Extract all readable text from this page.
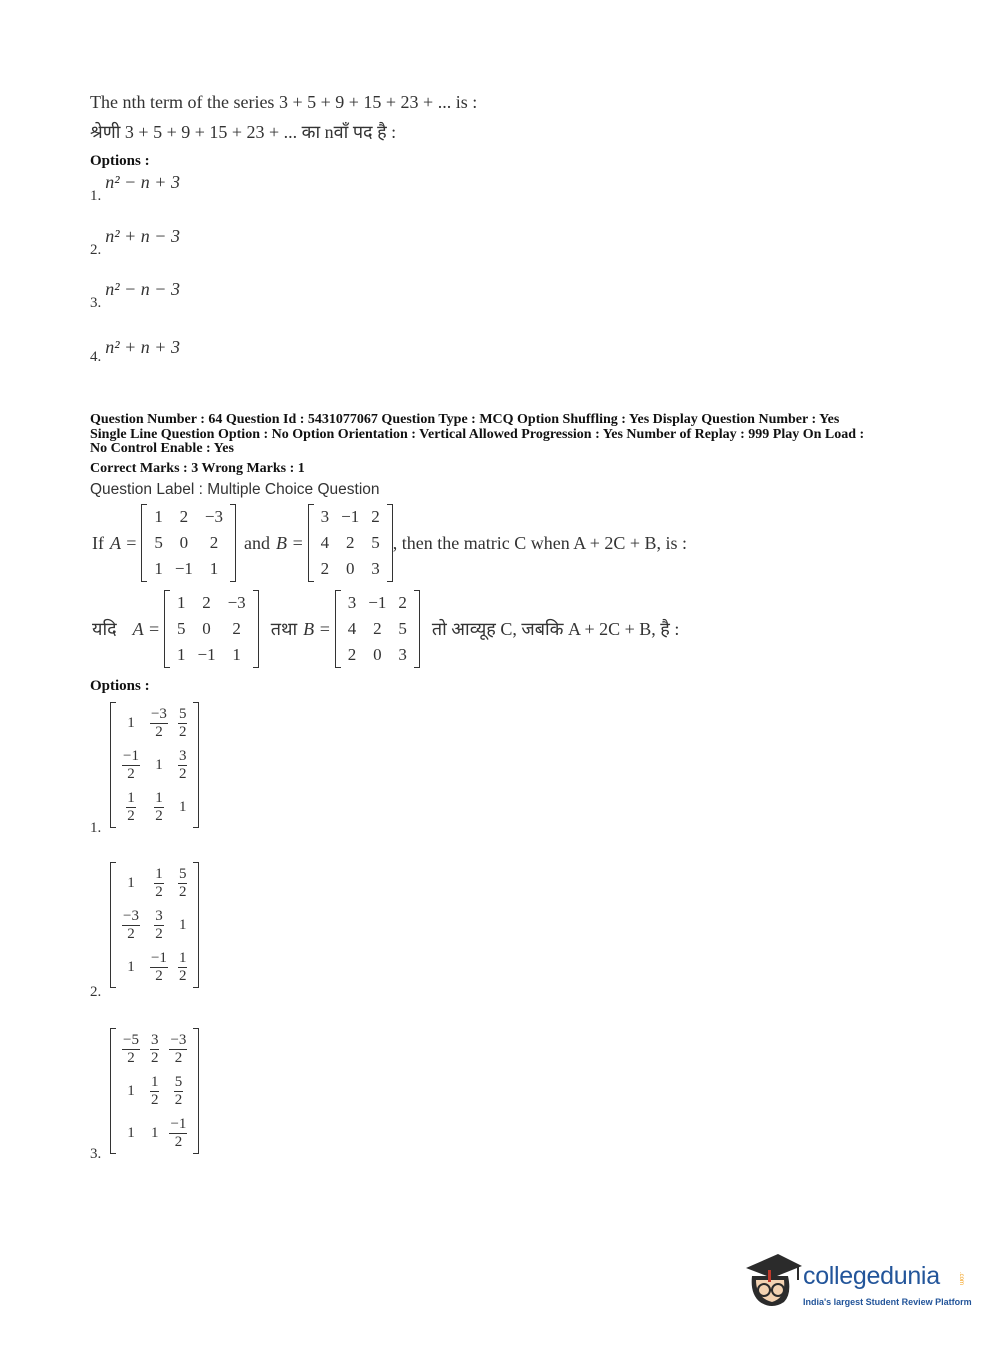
The nth term of the series 3 + 5 + 9 + 15 + 23 + ... is :
श्रेणी 3 + 5 + 9 + 15 + 23 + ... का nवाँ पद है :
Options :
1. n² − n + 3
2. n² + n − 3
3. n² − n − 3
4. n² + n + 3
Question Number : 64 Question Id : 5431077067 Question Type : MCQ Option Shuffling : Yes Display Question Number : Yes
Single Line Question Option : No Option Orientation : Vertical Allowed Progression : Yes Number of Replay : 999 Play On Load :
No Control Enable : Yes
Correct Marks : 3 Wrong Marks : 1
Question Label : Multiple Choice Question
If A =
1	2	−3
5	0	2
1	−1	1
and B =
3	−1	2
4	2	5
2	0	3
, then the matric C when A + 2C + B, is :
यदि A =
1	2	−3
5	0	2
1	−1	1
तथा B =
3	−1	2
4	2	5
2	0	3
तो आव्यूह C, जबकि A + 2C + B, है :
Options :
1.
1	$\frac{-3}{2}$	$\frac{5}{2}$

$\frac{-1}{2}$	1	$\frac{3}{2}$

$\frac{1}{2}$	$\frac{1}{2}$	1
2.
1	$\frac{1}{2}$	$\frac{5}{2}$

$\frac{-3}{2}$	$\frac{3}{2}$	1
1	$\frac{-1}{2}$	$\frac{1}{2}$
3.
$\frac{-5}{2}$	$\frac{3}{2}$	$\frac{-3}{2}$

1	$\frac{1}{2}$	$\frac{5}{2}$

1	1	$\frac{-1}{2}$
collegedunia	.com
India's largest Student Review Platform
